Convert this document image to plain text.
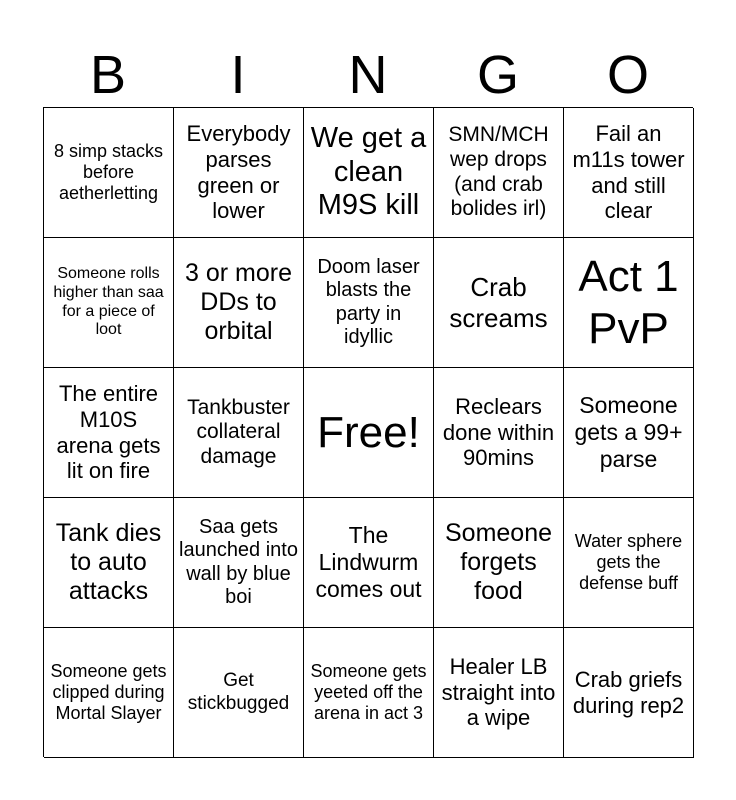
B	I	N	G	O
8 simp stacks before aetherletting
Everybody parses green or lower
We get a clean M9S kill
SMN/MCH wep drops (and crab bolides irl)
Fail an m11s tower and still clear
Someone rolls higher than saa for a piece of loot
3 or more DDs to orbital
Doom laser blasts the party in idyllic
Crab screams
Act 1 PvP
The entire M10S arena gets lit on fire
Tankbuster collateral damage Free!
Reclears done within 90mins
Someone gets a 99+ parse
Tank dies to auto attacks
Saa gets launched into wall by blue boi
The Lindwurm comes out
Someone forgets food
Water sphere gets the defense buff
Someone gets clipped during Mortal Slayer
Get stickbugged
Someone gets yeeted off the arena in act 3
Healer LB straight into a wipe
Crab griefs during rep2
